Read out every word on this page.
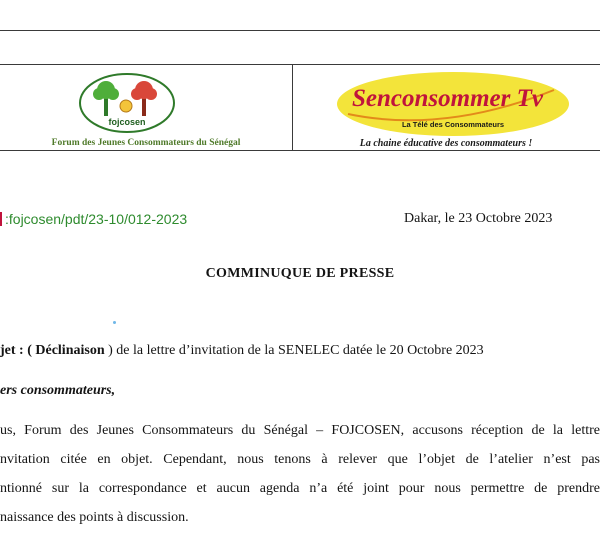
fojcosen
Forum des Jeunes Consommateurs du Sénégal
Senconsommer Tv
La Télé des Consommateurs
La chaine éducative des consommateurs !
:fojcosen/pdt/23-10/012-2023	Dakar, le 23 Octobre 2023
COMMINUQUE DE PRESSE
jet : ( Déclinaison ) de la lettre d’invitation de la SENELEC datée le 20 Octobre 2023
ers consommateurs,
us, Forum des Jeunes Consommateurs du Sénégal – FOJCOSEN, accusons réception de la lettre
nvitation citée en objet. Cependant, nous tenons à relever que l’objet de l’atelier n’est pas
ntionné sur la correspondance et aucun agenda n’a été joint pour nous permettre de prendre
naissance des points à discussion.
